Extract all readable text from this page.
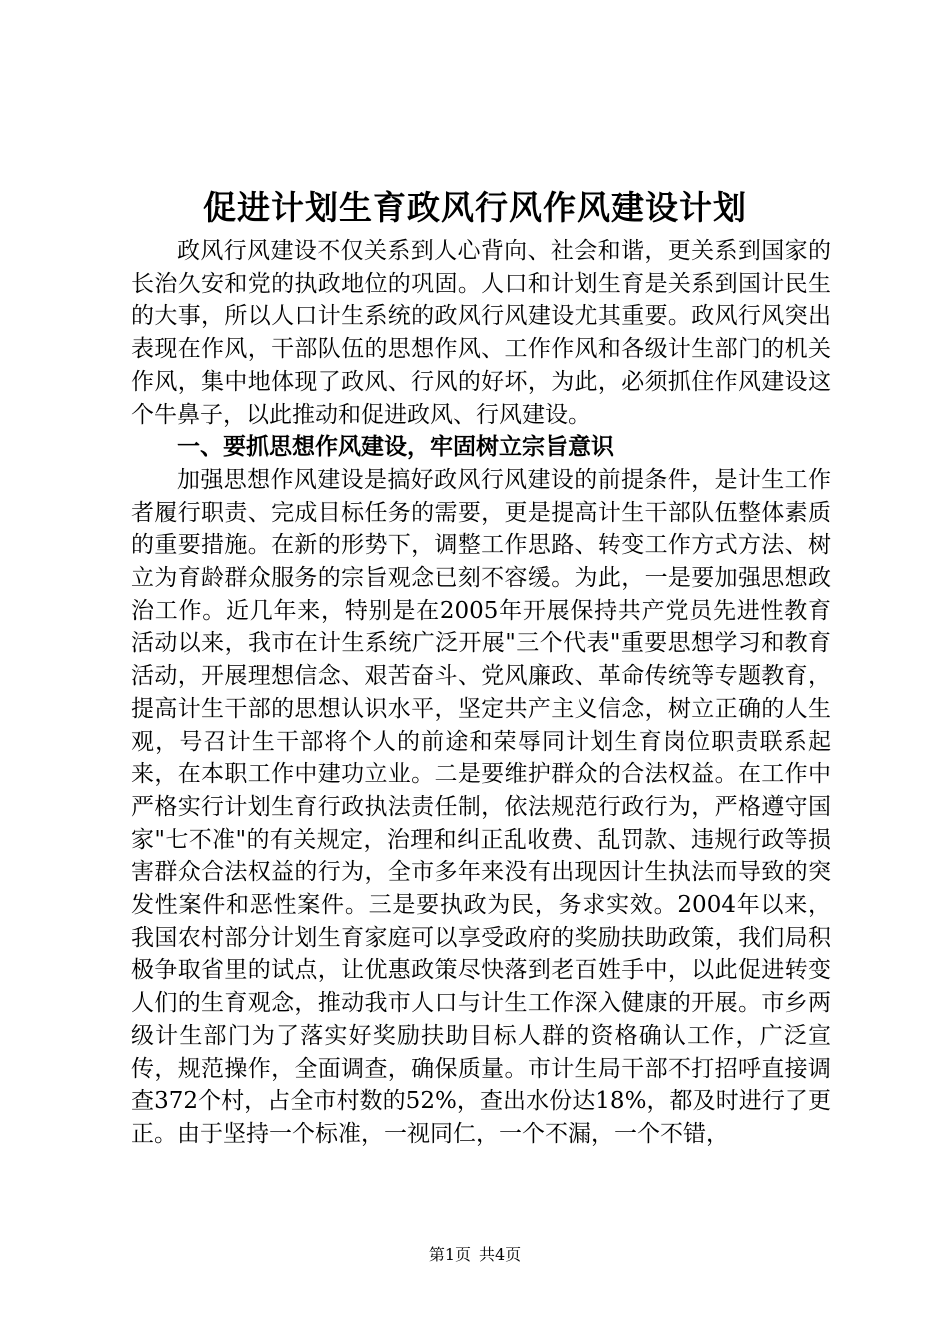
促进计划生育政风行风作风建设计划

政风行风建设不仅关系到人心背向、社会和谐，更关系到国家的长治久安和党的执政地位的巩固。人口和计划生育是关系到国计民生的大事，所以人口计生系统的政风行风建设尤其重要。政风行风突出表现在作风，干部队伍的思想作风、工作作风和各级计生部门的机关作风，集中地体现了政风、行风的好坏，为此，必须抓住作风建设这个牛鼻子，以此推动和促进政风、行风建设。

一、要抓思想作风建设，牢固树立宗旨意识

加强思想作风建设是搞好政风行风建设的前提条件，是计生工作者履行职责、完成目标任务的需要，更是提高计生干部队伍整体素质的重要措施。在新的形势下，调整工作思路、转变工作方式方法、树立为育龄群众服务的宗旨观念已刻不容缓。为此，一是要加强思想政治工作。近几年来，特别是在2005年开展保持共产党员先进性教育活动以来，我市在计生系统广泛开展"三个代表"重要思想学习和教育活动，开展理想信念、艰苦奋斗、党风廉政、革命传统等专题教育，提高计生干部的思想认识水平，坚定共产主义信念，树立正确的人生观，号召计生干部将个人的前途和荣辱同计划生育岗位职责联系起来，在本职工作中建功立业。二是要维护群众的合法权益。在工作中严格实行计划生育行政执法责任制，依法规范行政行为，严格遵守国家"七不准"的有关规定，治理和纠正乱收费、乱罚款、违规行政等损害群众合法权益的行为，全市多年来没有出现因计生执法而导致的突发性案件和恶性案件。三是要执政为民，务求实效。2004年以来，我国农村部分计划生育家庭可以享受政府的奖励扶助政策，我们局积极争取省里的试点，让优惠政策尽快落到老百姓手中，以此促进转变人们的生育观念，推动我市人口与计生工作深入健康的开展。市乡两级计生部门为了落实好奖励扶助目标人群的资格确认工作，广泛宣传，规范操作，全面调查，确保质量。市计生局干部不打招呼直接调查372个村，占全市村数的52%，查出水份达18%，都及时进行了更正。由于坚持一个标准，一视同仁，一个不漏，一个不错，

第1页 共4页
